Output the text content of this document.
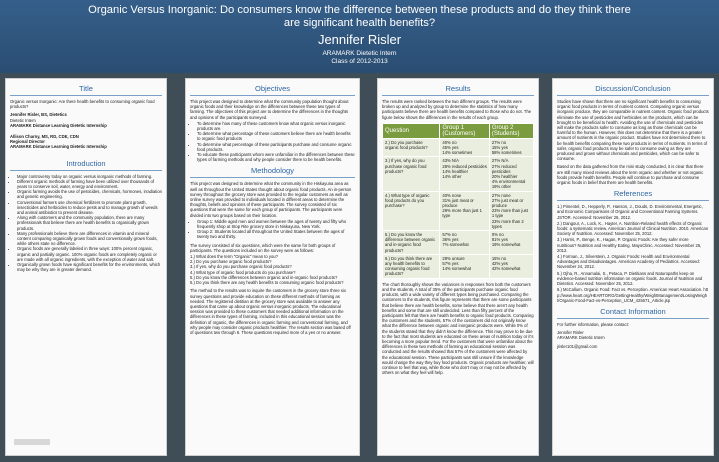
Organic Versus Inorganic: Do consumers know the difference between these products and do they think there are significant health benefits?
Jennifer Risler
ARAMARK Dietetic Intern
Class of 2012-2013
Title

Organic versus Inorganic: Are there health benefits to consuming organic food products?

Jennifer Risler, BS, Dietetics

Dietetic Intern

ARAMARK Distance Learning Dietetic Internship

Allison Charny, MS, RD, CDE, CDN

Regional Director

ARAMARK Distance Learning Dietetic Internship

Introduction
• Major controversy today on organic versus inorganic methods of farming.
• Different organic methods of farming have been utilized over thousands of years to conserve soil, water, energy and environment.
• Organic farming avoids the use of pesticides, chemicals, hormones, irradiation and genetic engineering.
• Conventional farmers use chemical fertilizers to promote plant growth, insecticides and herbicides to reduce pests and to manage growth of weeds and animal antibiotics to prevent disease.
• Along with customers and the community population, there are many professionals that believe there are health benefits to organically grown products.
• Many professionals believe there are differences in vitamin and mineral content comparing organically grown foods and conventionally grown foods, while others state no difference.
• Organic foods are generally labeled in three ways: 100% percent organic, organic and partially organic. 100% organic foods are completely organic or are made with all organic ingredients, with the exception of water and salt.
• Organically grown foods have significant benefits for the environments, which may be why they are in greater demand.
Objectives

This project was designed to determine what the community population thought about organic foods and their knowledge on the differences between these two types of farming. The objectives of this project are to determine the differences in the thoughts and opinions of the participants surveyed.

• To determine how many of these customers know what organic versus inorganic products are.
• To determine what percentage of these customers believe there are health benefits to organic food products
• To determine what percentage of these participants purchase and consume organic food products.
• To educate these participants whom were unfamiliar in the differences between these types of farming methods and why people consider there to be health benefits.
Methodology

This project was designed to determine what the community in the Hiskayuna area as well as throughout the United States thought about organic food products. An in-person survey throughout the grocery store was provided to the regular customers as well as online survey was provided to individuals located in different areas to determine the thoughts, beliefs and opinions of these participants. The survey consisted of six questions that were the same for each group of participants. The participants were divided into two groups based on their location.

• Group 1: Middle aged men and women between the ages of twenty and fifty who frequently shop at Stop Rite grocery store in Niskayuna, New York.
• Group 2: Students located all throughout the United States between the ages of twenty two and thirty.

The survey consisted of six questions, which were the same for both groups of participants. The questions included on the survey were as follows:

1.) What does the term "Organic" mean to you?

2.) Do you purchase organic food products?

3.) If yes, why do you purchase organic food products?

4.) What type of organic food products do you purchase?

5.) Do you know the differences between organic and in-organic food products?

6.) Do you think there are any health benefits to consuming organic food products?

The method to the results was to inquire the customers in the grocery store three six survey questions and provide education on these different methods of farming as needed. The registered dietitian at the grocery store was available to answer any questions that came up about organic versus inorganic products. The educational session was provided to these customers that needed additional information on the differences in these types of farming, included in this educational session was the definition of organic, the differences in organic farming and conventional farming, and why people may consider organic products healthier. The results section was based off of questions two through 6. These questions required more of a yes or no answer.

Results

The results were ranked between the two different groups. The results were broken up and analyzed by group to determine the statistics of how many participants believe there are health benefits compared to those who do not. The figure below shows the differences in the results of each group.

Question	Group 1 (Customers)	Group 2 (Students)
2.) Do you purchase organic food products?	40% no
45% yes
14% sometimes	27% no
15% yes
58% sometimes
3.) If yes, why do you purchase organic food products?	43% N/A
28% reduced pesticides
14% healthier
14% other	27% N/A
27% reduced pesticides
20% healthier
4% environmental
19% other
4.) What type of organic food products do you purchase?	40% none
31% just meat or produce
29% more than just 1 type	27% none
27% just meat or produce
23% more than just 1 type
23% more than 2 types
5.) Do you know the difference between organic and in-organic food products?	57% no
36% yes
7% somewhat	0% no
81% yes
19% somewhat
6.) Do you think there are any health benefits to consuming organic food products?	29% unsure
57% yes
14% somewhat	15% no
42% yes
42% somewhat

The chart thoroughly shows the variances in responses from both the customers and the students. A total of 35% of the participants purchase organic food products, with a wide variety of different types being purchased. Comparing the customers to the students, this figure represents that there are some participants that believe there are health benefits, some believe that there aren't any health benefits and some that are still undecided. Less than fifty percent of the participants felt that there are health benefits to organic food products. Comparing the customers and the students, 57% of the customers did not originally know what the difference between organic and inorganic products were. While 0% of the students stated that they didn't know the difference. This may prove to be due to the fact that most students are educated on these areas of nutrition today or it's becoming a more popular trend. For the customers that were unfamiliar about the differences in these two methods of farming an educational session was conducted and the results showed that 57% of the customers were affected by the educational session. These participants was still unsure if the knowledge would change the way they buy food products. Organic products are healthier, will continue to feel that way, while those who don't may or may not be affected by others on what they feel will help.

Discussion/Conclusion

Studies have shown that there are no significant health benefits to consuming organic food products in terms of nutrient content. Comparing organic versus inorganic produce, they are comparable in nutrient content. Organic food products eliminate the use of pesticides and herbicides on the products, which can be brought to be beneficial to health. Avoiding the use of chemicals and pesticides will make the products safer to consume as long as those chemicals can be harmful to the human. However, this does not determine that there is a greater amount of nutrients in the organic product. Studies have not determined there to be health benefits comparing these two products in terms of nutrients. In terms of safer, organic food products may be safer to consume owing as they are produced and grown without chemicals and pesticides, which can be safer to consume.

Based on the data gathered from the mini study conducted, it is clear that there are still many mixed reviews about the term organic and whether or not organic foods provide health benefits. People will continue to purchase and consume organic foods in belief that there are health benefits.

References

1.) Pimentel, D., Hepperly, P., Hanson, J., Douds, D. Environmental, Energetic, and Economic Comparisons of Organic and Conventional Farming Systems. JSTOR. Accessed: November 26, 2012.

2.) Dangour, A., Lock, K., Hayter, A. Nutrition-Related health effects of Organic foods: a systematic review. American Journal of Clinical Nutrition. 2010. American Society of Nutrition. Accessed: November 25, 2012.

3.) Harris, P., Benge, K., Hagan, P. Organic Foods: Are they safer more nutritious? Nutrition and Healthy Eating. MayoClinic. Accessed: November 25, 2012.

4.) Forman, J., Silverstein, J. Organic Foods: Health and Environmental Advantages and Disadvantages. American Academy of Pediatrics. Accessed: November 24, 2012.

5.) Ojha, R., Annamalai, S., Petaca, P. Dietitians and Naturopaths keep on evidence-based nutrition information on organic foods. Journal of Nutrition and Dietetics. Accessed: November 25, 2012.

6.) McCallum. Organic Food: Fact vs. Perception. American Heart Association. http://www.heart.org/HEARTORG/GettingHealthy/WeightManagement/LosingWeight/Organic-Food-Fact-vs-Perception_UCM_425671_Article.jsp

Contact Information

For further information, please contact:

Jennifer Risler

ARAMARK Dietetic Intern

jrisler101@gmail.com
